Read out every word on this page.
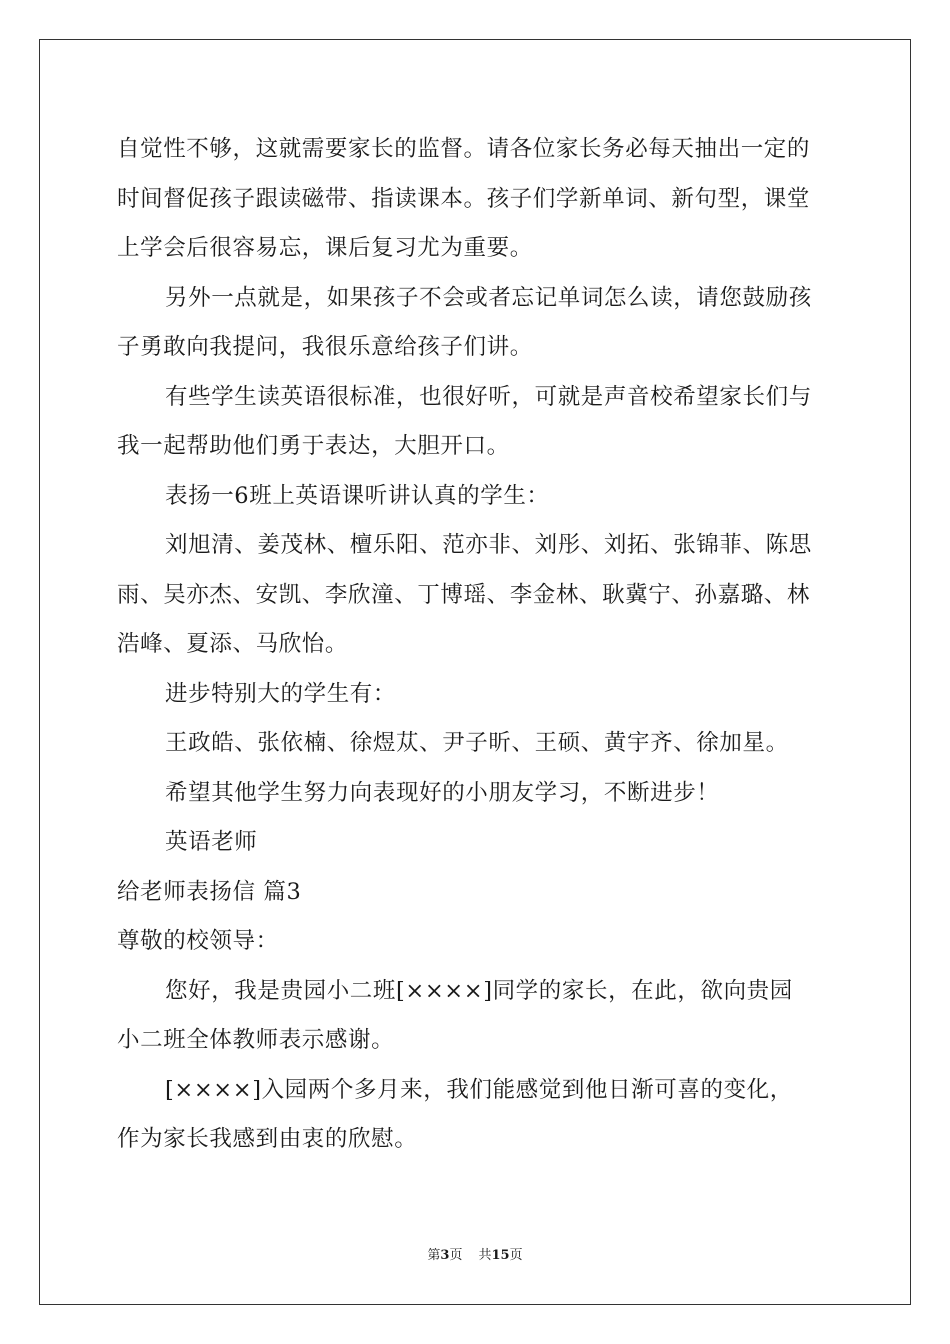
自觉性不够，这就需要家长的监督。请各位家长务必每天抽出一定的
时间督促孩子跟读磁带、指读课本。孩子们学新单词、新句型，课堂
上学会后很容易忘，课后复习尤为重要。
另外一点就是，如果孩子不会或者忘记单词怎么读，请您鼓励孩
子勇敢向我提问，我很乐意给孩子们讲。
有些学生读英语很标准，也很好听，可就是声音校希望家长们与
我一起帮助他们勇于表达，大胆开口。
表扬一6班上英语课听讲认真的学生：
刘旭清、姜茂林、檀乐阳、范亦非、刘彤、刘拓、张锦菲、陈思
雨、吴亦杰、安凯、李欣潼、丁博瑶、李金林、耿冀宁、孙嘉璐、林
浩峰、夏添、马欣怡。
进步特别大的学生有：
王政皓、张依楠、徐煜苁、尹子昕、王硕、黄宇齐、徐加星。
希望其他学生努力向表现好的小朋友学习，不断进步！
英语老师
给老师表扬信 篇3
尊敬的校领导：
您好，我是贵园小二班[××××]同学的家长，在此，欲向贵园
小二班全体教师表示感谢。
[××××]入园两个多月来，我们能感觉到他日渐可喜的变化，
作为家长我感到由衷的欣慰。
第3页 共15页
